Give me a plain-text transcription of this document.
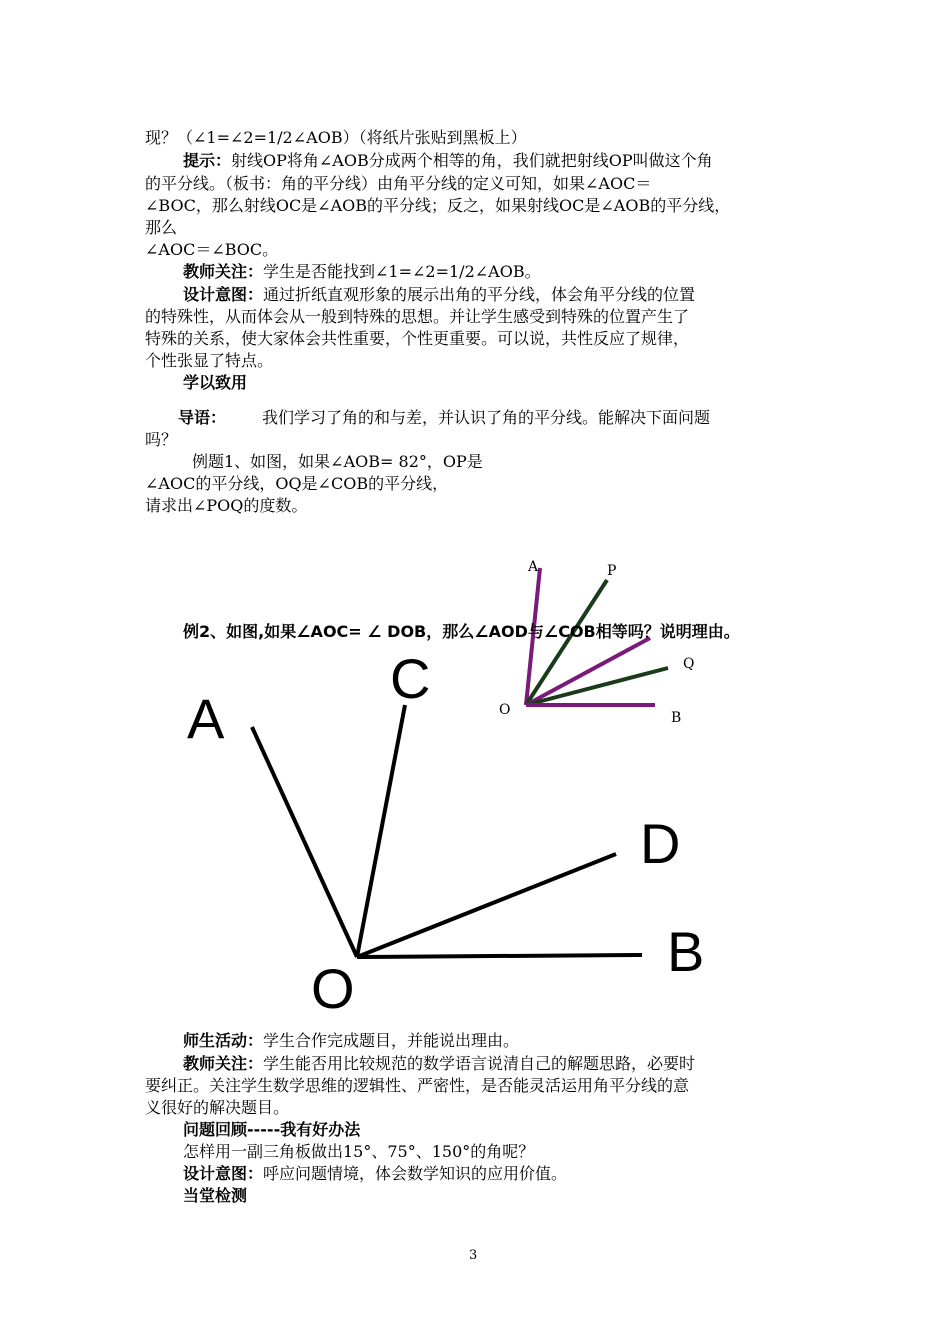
现？（∠1=∠2=1/2∠AOB）（将纸片张贴到黑板上）
提示：射线OP将角∠AOB分成两个相等的角，我们就把射线OP叫做这个角
的平分线。（板书：角的平分线）由角平分线的定义可知，如果∠AOC＝
∠BOC，那么射线OC是∠AOB的平分线；反之，如果射线OC是∠AOB的平分线，
那么
∠AOC＝∠BOC。
教师关注：学生是否能找到∠1=∠2=1/2∠AOB。
设计意图：通过折纸直观形象的展示出角的平分线，体会角平分线的位置
的特殊性，从而体会从一般到特殊的思想。并让学生感受到特殊的位置产生了
特殊的关系，使大家体会共性重要，个性更重要。可以说，共性反应了规律，
个性张显了特点。
学以致用
导语： 我们学习了角的和与差，并认识了角的平分线。能解决下面问题
吗？
例题1、如图，如果∠AOB= 82°，OP是
∠AOC的平分线，OQ是∠COB的平分线，
请求出∠POQ的度数。
A	P
Q
O	B
例2、如图,如果∠AOC= ∠ DOB，那么∠AOD与∠COB相等吗？说明理由。
A
C
D
B
O
师生活动：学生合作完成题目，并能说出理由。
教师关注：学生能否用比较规范的数学语言说清自己的解题思路，必要时
要纠正。关注学生数学思维的逻辑性、严密性，是否能灵活运用角平分线的意
义很好的解决题目。
问题回顾-----我有好办法
怎样用一副三角板做出15°、75°、150°的角呢？
设计意图：呼应问题情境，体会数学知识的应用价值。
当堂检测
3
